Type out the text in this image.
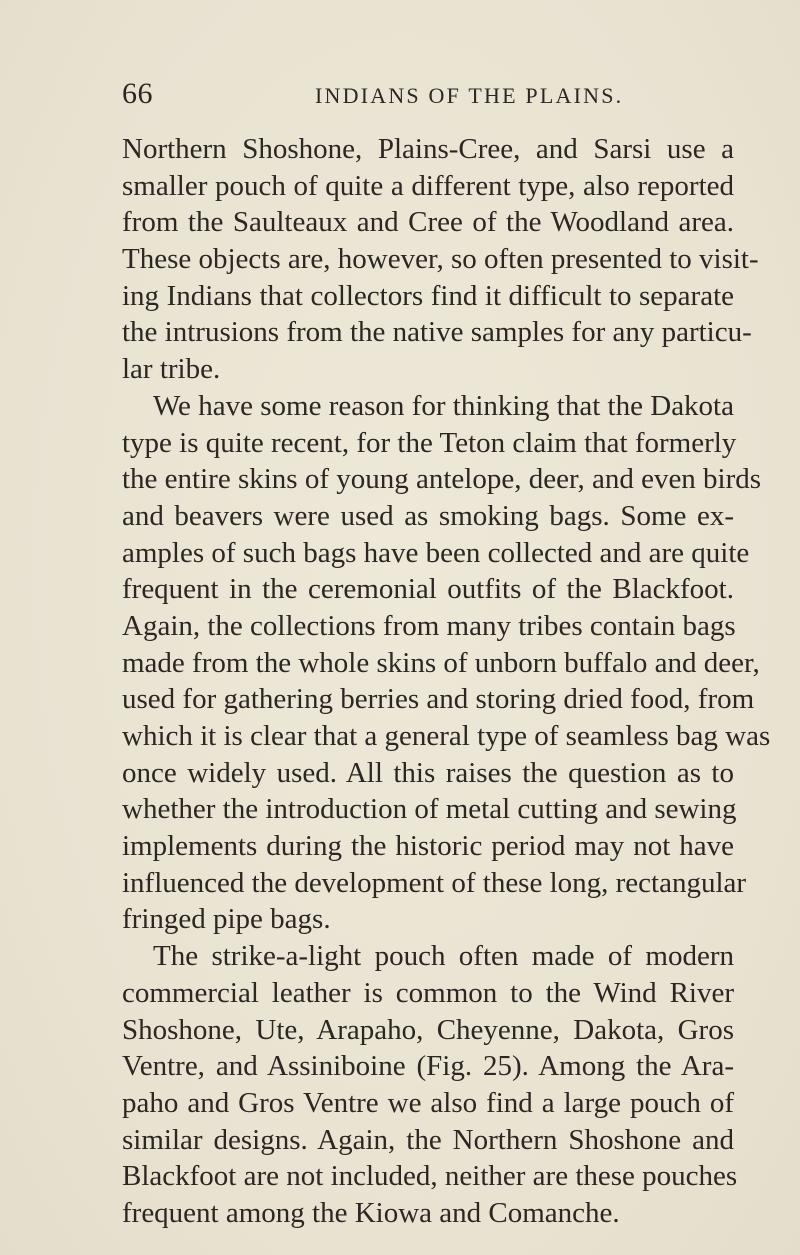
66	INDIANS OF THE PLAINS.
Northern Shoshone, Plains-Cree, and Sarsi use a
smaller pouch of quite a different type, also reported
from the Saulteaux and Cree of the Woodland area.
These objects are, however, so often presented to visit-
ing Indians that collectors find it difficult to separate
the intrusions from the native samples for any particu-
lar tribe.
We have some reason for thinking that the Dakota
type is quite recent, for the Teton claim that formerly
the entire skins of young antelope, deer, and even birds
and beavers were used as smoking bags. Some ex-
amples of such bags have been collected and are quite
frequent in the ceremonial outfits of the Blackfoot.
Again, the collections from many tribes contain bags
made from the whole skins of unborn buffalo and deer,
used for gathering berries and storing dried food, from
which it is clear that a general type of seamless bag was
once widely used. All this raises the question as to
whether the introduction of metal cutting and sewing
implements during the historic period may not have
influenced the development of these long, rectangular
fringed pipe bags.
The strike-a-light pouch often made of modern
commercial leather is common to the Wind River
Shoshone, Ute, Arapaho, Cheyenne, Dakota, Gros
Ventre, and Assiniboine (Fig. 25). Among the Ara-
paho and Gros Ventre we also find a large pouch of
similar designs. Again, the Northern Shoshone and
Blackfoot are not included, neither are these pouches
frequent among the Kiowa and Comanche.
